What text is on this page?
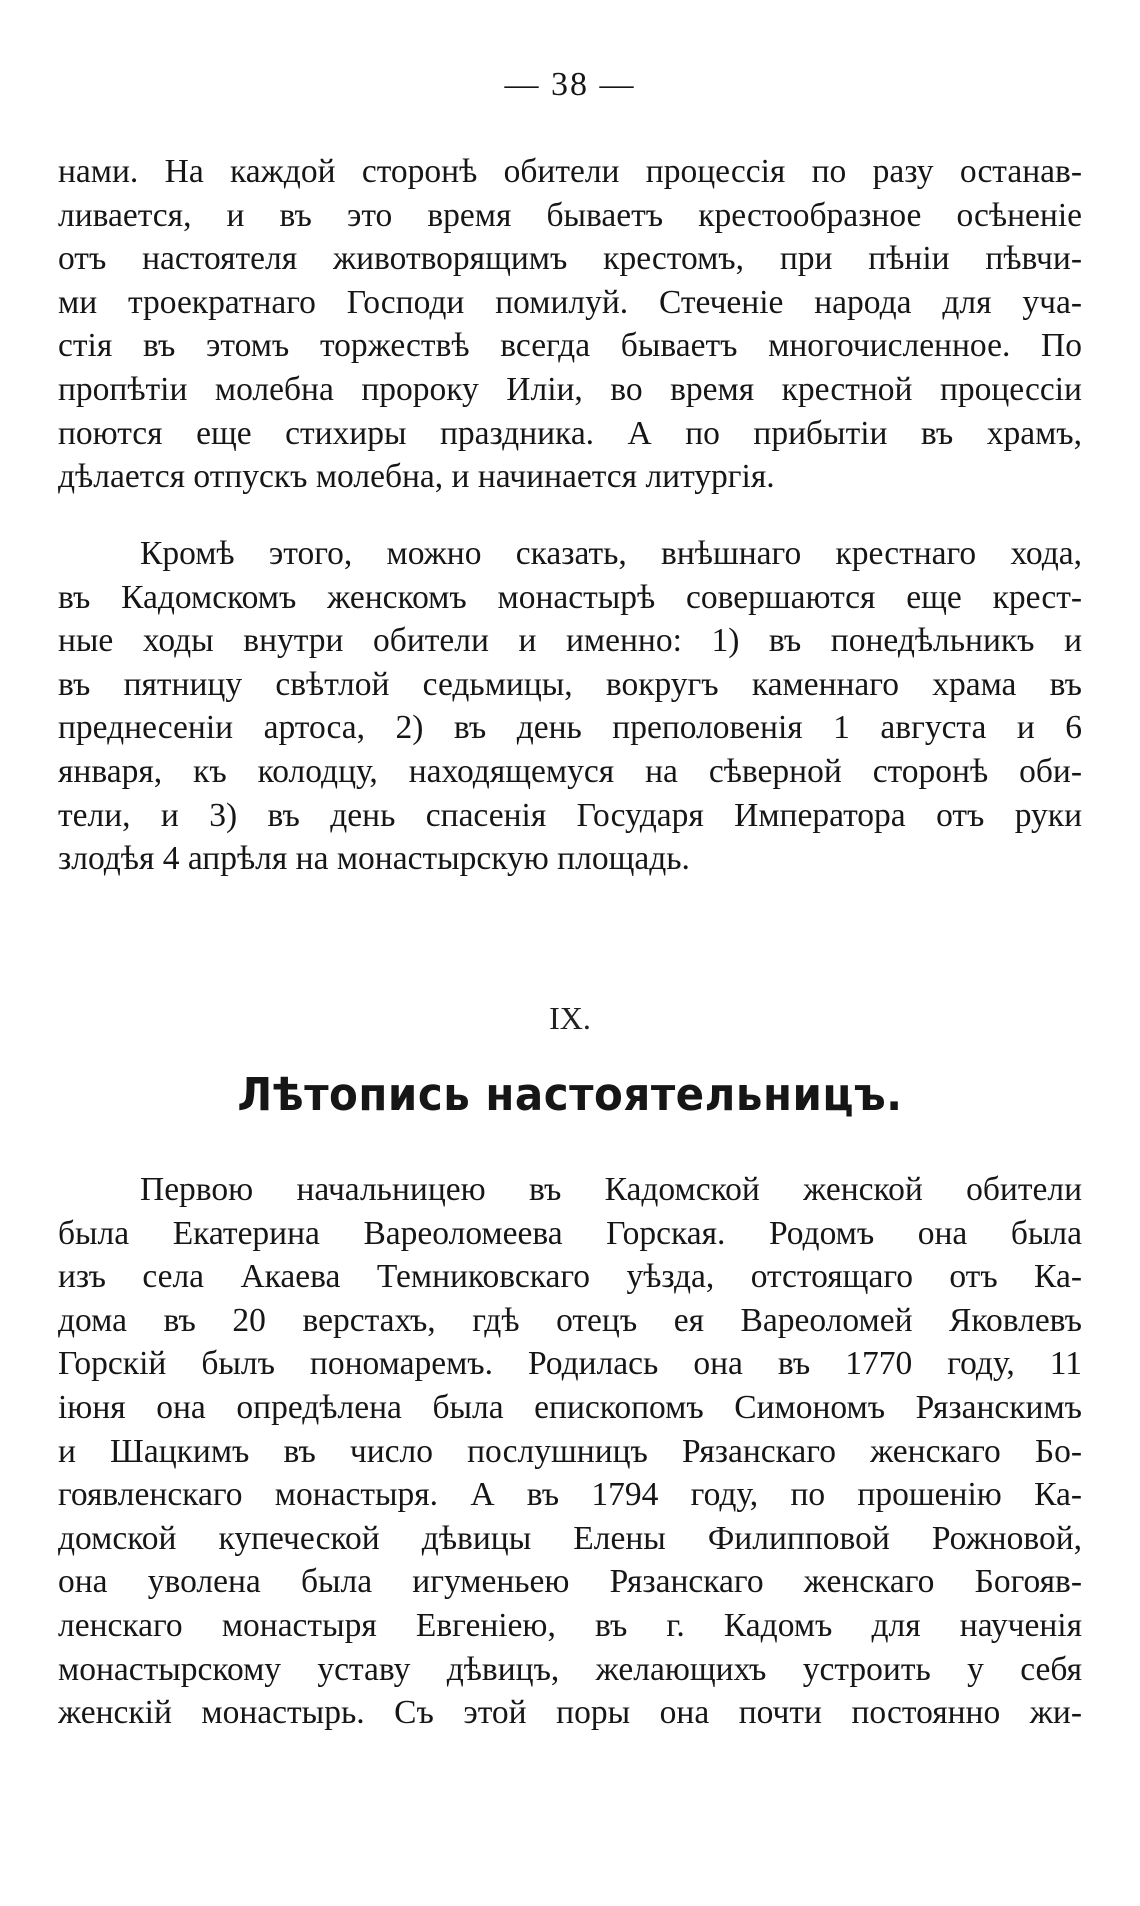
— 38 —
нами. На каждой сторонѣ обители процессія по разу останав-
ливается, и въ это время бываетъ крестообразное осѣненіе
отъ настоятеля животворящимъ крестомъ, при пѣніи пѣвчи-
ми троекратнаго Господи помилуй. Стеченіе народа для уча-
стія въ этомъ торжествѣ всегда бываетъ многочисленное. По
пропѣтіи молебна пророку Иліи, во время крестной процессіи
поются еще стихиры праздника. А по прибытіи въ храмъ,
дѣлается отпускъ молебна, и начинается литургія.
Кромѣ этого, можно сказать, внѣшнаго крестнаго хода,
въ Кадомскомъ женскомъ монастырѣ совершаются еще крест-
ные ходы внутри обители и именно: 1) въ понедѣльникъ и
въ пятницу свѣтлой седьмицы, вокругъ каменнаго храма въ
преднесеніи артоса, 2) въ день преполовенія 1 августа и 6
января, къ колодцу, находящемуся на сѣверной сторонѣ оби-
тели, и 3) въ день спасенія Государя Императора отъ руки
злодѣя 4 апрѣля на монастырскую площадь.
Лѣтопись настоятельницъ.
IX.
Первою начальницею въ Кадомской женской обители
была Екатерина Вареоломеева Горская. Родомъ она была
изъ села Акаева Темниковскаго уѣзда, отстоящаго отъ Ка-
дома въ 20 верстахъ, гдѣ отецъ ея Вареоломей Яковлевъ
Горскій былъ пономаремъ. Родилась она въ 1770 году, 11
іюня она опредѣлена была епископомъ Симономъ Рязанскимъ
и Шацкимъ въ число послушницъ Рязанскаго женскаго Бо-
гоявленскаго монастыря. А въ 1794 году, по прошенію Ка-
домской купеческой дѣвицы Елены Филипповой Рожновой,
она уволена была игуменьею Рязанскаго женскаго Богояв-
ленскаго монастыря Евгеніею, въ г. Кадомъ для наученія
монастырскому уставу дѣвицъ, желающихъ устроить у себя
женскій монастырь. Съ этой поры она почти постоянно жи-
